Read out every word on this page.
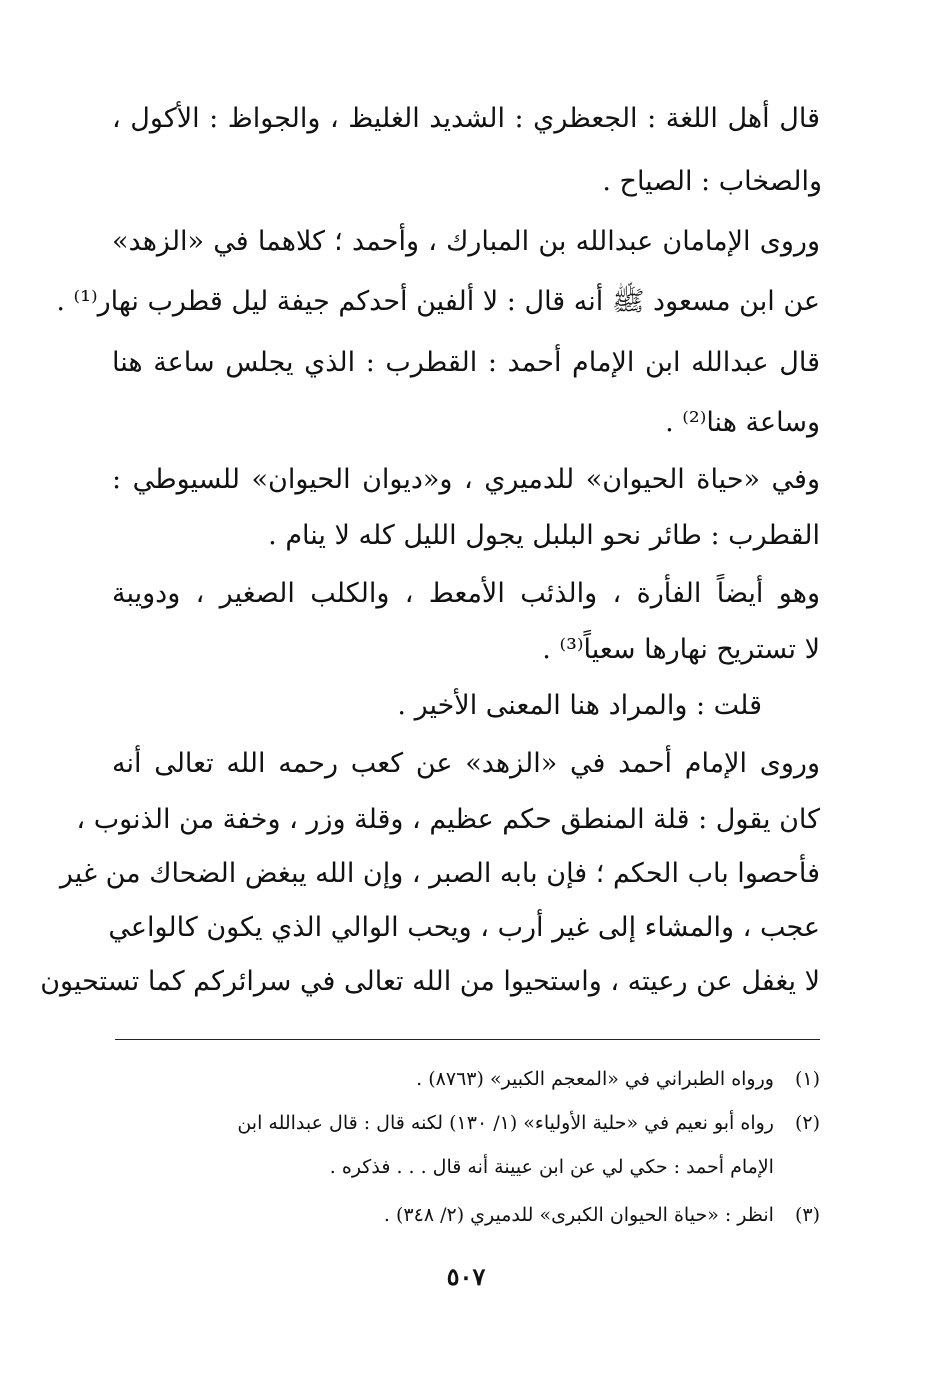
قال أهل اللغة : الجعظري : الشديد الغليظ ، والجواظ : الأكول ،
والصخاب : الصياح .
وروى الإمامان عبدالله بن المبارك ، وأحمد ؛ كلاهما في «الزهد»
عن ابن مسعود ﷺ أنه قال : لا ألفين أحدكم جيفة ليل قطرب نهار⁽¹⁾ .
قال عبدالله ابن الإمام أحمد : القطرب : الذي يجلس ساعة هنا
وساعة هنا⁽²⁾ .
وفي «حياة الحيوان» للدميري ، و«ديوان الحيوان» للسيوطي :
القطرب : طائر نحو البلبل يجول الليل كله لا ينام .
وهو أيضاً الفأرة ، والذئب الأمعط ، والكلب الصغير ، ودويبة
لا تستريح نهارها سعياً⁽³⁾ .
قلت : والمراد هنا المعنى الأخير .
وروى الإمام أحمد في «الزهد» عن كعب رحمه الله تعالى أنه
كان يقول : قلة المنطق حكم عظيم ، وقلة وزر ، وخفة من الذنوب ،
فأحصوا باب الحكم ؛ فإن بابه الصبر ، وإن الله يبغض الضحاك من غير
عجب ، والمشاء إلى غير أرب ، ويحب الوالي الذي يكون كالواعي
لا يغفل عن رعيته ، واستحيوا من الله تعالى في سرائركم كما تستحيون
(١) ورواه الطبراني في «المعجم الكبير» (٨٧٦٣) .
(٢) رواه أبو نعيم في «حلية الأولياء» (١/ ١٣٠) لكنه قال : قال عبدالله ابن
الإمام أحمد : حكي لي عن ابن عيينة أنه قال . . . فذكره .
(٣) انظر : «حياة الحيوان الكبرى» للدميري (٢/ ٣٤٨) .
٥٠٧
